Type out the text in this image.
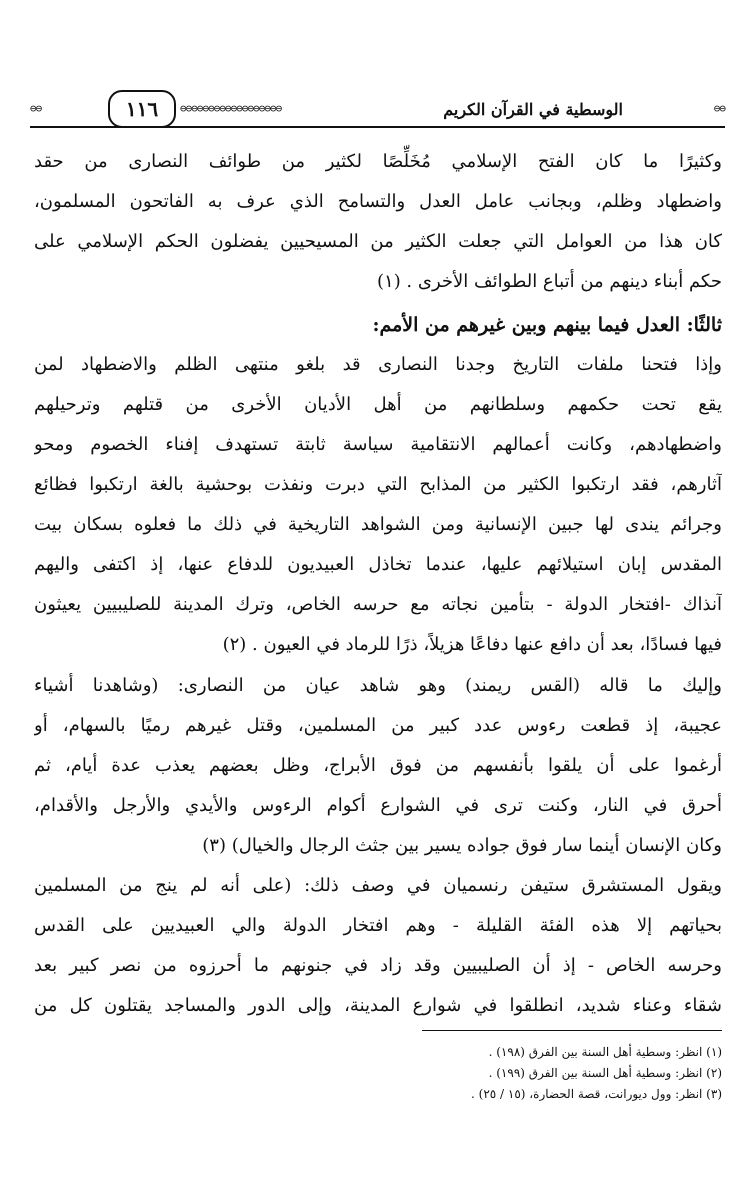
⊖⊖	١١٦	⊖⊖⊖⊖⊖⊖⊖⊖⊖⊖⊖⊖⊖⊖⊖⊖⊖⊖	الوسطية في القرآن الكريم	⊖⊖
وكثيرًا ما كان الفتح الإسلامي مُخَلِّصًا لكثير من طوائف النصارى من حقد
واضطهاد وظلم، وبجانب عامل العدل والتسامح الذي عرف به الفاتحون المسلمون،
كان هذا من العوامل التي جعلت الكثير من المسيحيين يفضلون الحكم الإسلامي على
حكم أبناء دينهم من أتباع الطوائف الأخرى . (١)
ثالثًا: العدل فيما بينهم وبين غيرهم من الأمم:
وإذا فتحنا ملفات التاريخ وجدنا النصارى قد بلغو منتهى الظلم والاضطهاد لمن
يقع تحت حكمهم وسلطانهم من أهل الأديان الأخرى من قتلهم وترحيلهم
واضطهادهم، وكانت أعمالهم الانتقامية سياسة ثابتة تستهدف إفناء الخصوم ومحو
آثارهم، فقد ارتكبوا الكثير من المذابح التي دبرت ونفذت بوحشية بالغة ارتكبوا فظائع
وجرائم يندى لها جبين الإنسانية ومن الشواهد التاريخية في ذلك ما فعلوه بسكان بيت
المقدس إبان استيلائهم عليها، عندما تخاذل العبيديون للدفاع عنها، إذ اكتفى واليهم
آنذاك -افتخار الدولة - بتأمين نجاته مع حرسه الخاص، وترك المدينة للصليبيين يعيثون
فيها فسادًا، بعد أن دافع عنها دفاعًا هزيلاً، ذرًا للرماد في العيون . (٢)
وإليك ما قاله (القس ريمند) وهو شاهد عيان من النصارى: (وشاهدنا أشياء
عجيبة، إذ قطعت رءوس عدد كبير من المسلمين، وقتل غيرهم رميًا بالسهام، أو
أرغموا على أن يلقوا بأنفسهم من فوق الأبراج، وظل بعضهم يعذب عدة أيام، ثم
أحرق في النار، وكنت ترى في الشوارع أكوام الرءوس والأيدي والأرجل والأقدام،
وكان الإنسان أينما سار فوق جواده يسير بين جثث الرجال والخيال) (٣)
ويقول المستشرق ستيفن رنسميان في وصف ذلك: (على أنه لم ينج من المسلمين
بحياتهم إلا هذه الفئة القليلة - وهم افتخار الدولة والي العبيديين على القدس
وحرسه الخاص - إذ أن الصليبيين وقد زاد في جنونهم ما أحرزوه من نصر كبير بعد
شقاء وعناء شديد، انطلقوا في شوارع المدينة، وإلى الدور والمساجد يقتلون كل من
(١) انظر: وسطية أهل السنة بين الفرق (١٩٨) .
(٢) انظر: وسطية أهل السنة بين الفرق (١٩٩) .
(٣) انظر: وول ديورانت، قصة الحضارة، (١٥ / ٢٥) .
